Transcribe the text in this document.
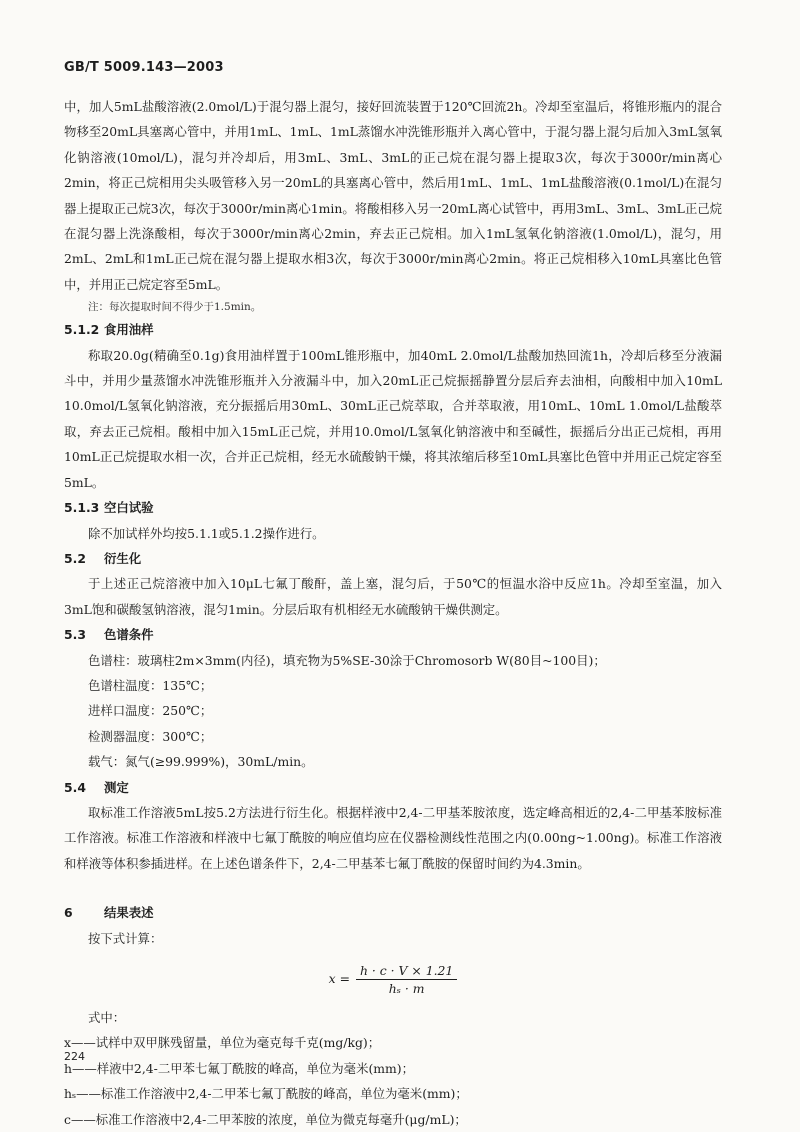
GB/T 5009.143—2003

中，加人5mL盐酸溶液(2.0mol/L)于混匀器上混匀，接好回流装置于120℃回流2h。冷却至室温后，将锥形瓶内的混合物移至20mL具塞离心管中，并用1mL、1mL、1mL蒸馏水冲洗锥形瓶并入离心管中，于混匀器上混匀后加入3mL氢氧化钠溶液(10mol/L)，混匀并冷却后，用3mL、3mL、3mL的正己烷在混匀器上提取3次，每次于3000r/min离心2min，将正己烷相用尖头吸管移入另一20mL的具塞离心管中，然后用1mL、1mL、1mL盐酸溶液(0.1mol/L)在混匀器上提取正己烷3次，每次于3000r/min离心1min。将酸相移入另一20mL离心试管中，再用3mL、3mL、3mL正己烷在混匀器上洗涤酸相，每次于3000r/min离心2min，弃去正己烷相。加入1mL氢氧化钠溶液(1.0mol/L)，混匀，用2mL、2mL和1mL正己烷在混匀器上提取水相3次，每次于3000r/min离心2min。将正己烷相移入10mL具塞比色管中，并用正己烷定容至5mL。

注：每次提取时间不得少于1.5min。

5.1.2 食用油样

称取20.0g(精确至0.1g)食用油样置于100mL锥形瓶中，加40mL 2.0mol/L盐酸加热回流1h，冷却后移至分液漏斗中，并用少量蒸馏水冲洗锥形瓶并入分液漏斗中，加入20mL正己烷振摇静置分层后弃去油相，向酸相中加入10mL 10.0mol/L氢氧化钠溶液，充分振摇后用30mL、30mL正己烷萃取，合并萃取液，用10mL、10mL 1.0mol/L盐酸萃取，弃去正己烷相。酸相中加入15mL正己烷，并用10.0mol/L氢氧化钠溶液中和至碱性，振摇后分出正己烷相，再用10mL正己烷提取水相一次，合并正己烷相，经无水硫酸钠干燥，将其浓缩后移至10mL具塞比色管中并用正己烷定容至5mL。

5.1.3 空白试验

除不加试样外均按5.1.1或5.1.2操作进行。

5.2 衍生化

于上述正己烷溶液中加入10μL七氟丁酸酐，盖上塞，混匀后，于50℃的恒温水浴中反应1h。冷却至室温，加入3mL饱和碳酸氢钠溶液，混匀1min。分层后取有机相经无水硫酸钠干燥供测定。

5.3 色谱条件

色谱柱：玻璃柱2m×3mm(内径)，填充物为5%SE-30涂于Chromosorb W(80目~100目)；

色谱柱温度：135℃；

进样口温度：250℃；

检测器温度：300℃；

载气：氮气(≥99.999%)，30mL/min。

5.4 测定

取标准工作溶液5mL按5.2方法进行衍生化。根据样液中2,4-二甲基苯胺浓度，选定峰高相近的2,4-二甲基苯胺标准工作溶液。标准工作溶液和样液中七氟丁酰胺的响应值均应在仪器检测线性范围之内(0.00ng~1.00ng)。标准工作溶液和样液等体积参插进样。在上述色谱条件下，2,4-二甲基苯七氟丁酰胺的保留时间约为4.3min。

6	结果表述

按下式计算：

$x = \frac{h \cdot c \cdot V \times 1.21}{\text{hₛ · m}}$

式中：

x——试样中双甲脒残留量，单位为毫克每千克(mg/kg)；

h——样液中2,4-二甲苯七氟丁酰胺的峰高，单位为毫米(mm)；

hₛ——标准工作溶液中2,4-二甲苯七氟丁酰胺的峰高，单位为毫米(mm)；

c——标准工作溶液中2,4-二甲苯胺的浓度，单位为微克每毫升(μg/mL)；

224
